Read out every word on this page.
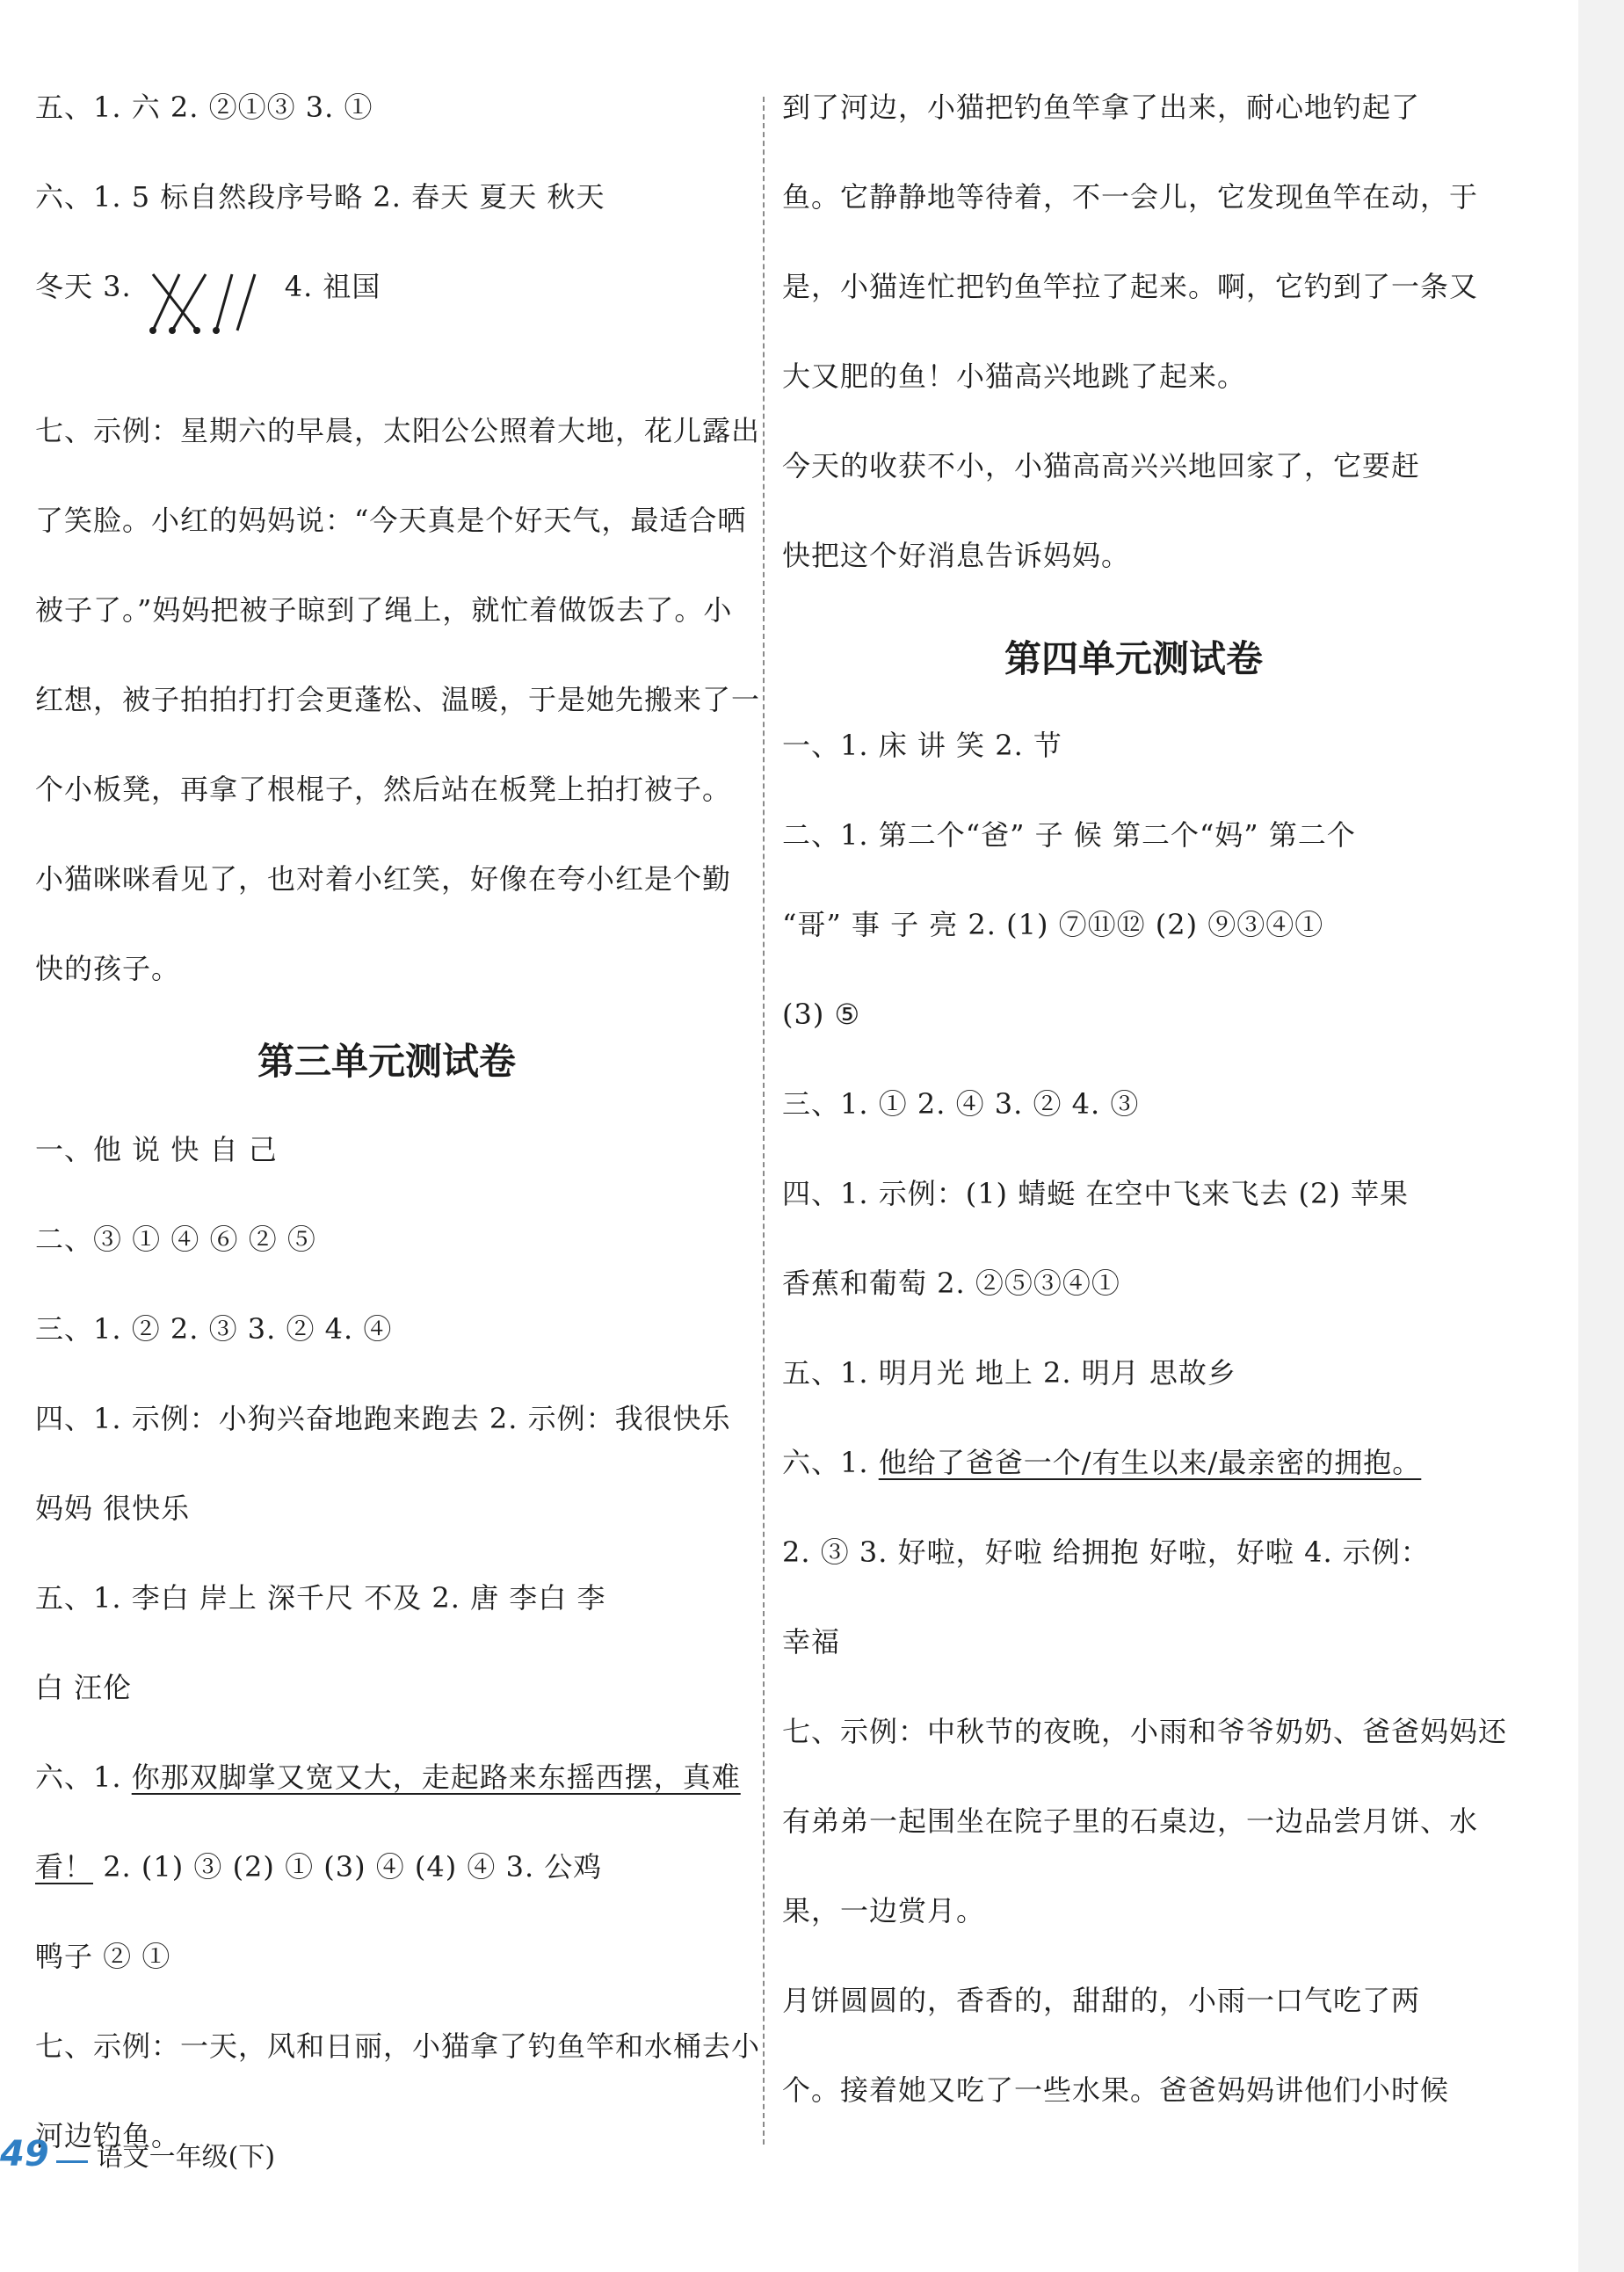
五、1. 六 2. ②①③ 3. ①
六、1. 5 标自然段序号略 2. 春天 夏天 秋天
冬天 3.	4. 祖国
七、示例：星期六的早晨，太阳公公照着大地，花儿露出
了笑脸。小红的妈妈说：“今天真是个好天气，最适合晒
被子了。”妈妈把被子晾到了绳上，就忙着做饭去了。小
红想，被子拍拍打打会更蓬松、温暖，于是她先搬来了一
个小板凳，再拿了根棍子，然后站在板凳上拍打被子。
小猫咪咪看见了，也对着小红笑，好像在夸小红是个勤
快的孩子。
第三单元测试卷
一、他 说 快 自 己
二、③ ① ④ ⑥ ② ⑤
三、1. ② 2. ③ 3. ② 4. ④
四、1. 示例：小狗兴奋地跑来跑去 2. 示例：我很快乐
妈妈 很快乐
五、1. 李白 岸上 深千尺 不及 2. 唐 李白 李
白 汪伦
六、1. 你那双脚掌又宽又大，走起路来东摇西摆，真难
看！ 2. (1) ③ (2) ① (3) ④ (4) ④ 3. 公鸡
鸭子 ② ①
七、示例：一天，风和日丽，小猫拿了钓鱼竿和水桶去小
河边钓鱼。
到了河边，小猫把钓鱼竿拿了出来，耐心地钓起了
鱼。它静静地等待着，不一会儿，它发现鱼竿在动，于
是，小猫连忙把钓鱼竿拉了起来。啊，它钓到了一条又
大又肥的鱼！小猫高兴地跳了起来。
今天的收获不小，小猫高高兴兴地回家了，它要赶
快把这个好消息告诉妈妈。
第四单元测试卷
一、1. 床 讲 笑 2. 节
二、1. 第二个“爸” 子 候 第二个“妈” 第二个
“哥” 事 子 亮 2. (1) ⑦⑪⑫ (2) ⑨③④①
(3) ⑤
三、1. ① 2. ④ 3. ② 4. ③
四、1. 示例：(1) 蜻蜓 在空中飞来飞去 (2) 苹果
香蕉和葡萄 2. ②⑤③④①
五、1. 明月光 地上 2. 明月 思故乡
六、1. 他给了爸爸一个/有生以来/最亲密的拥抱。
2. ③ 3. 好啦，好啦 给拥抱 好啦，好啦 4. 示例：
幸福
七、示例：中秋节的夜晚，小雨和爷爷奶奶、爸爸妈妈还
有弟弟一起围坐在院子里的石桌边，一边品尝月饼、水
果，一边赏月。
月饼圆圆的，香香的，甜甜的，小雨一口气吃了两
个。接着她又吃了一些水果。爸爸妈妈讲他们小时候
49 语文一年级(下)
